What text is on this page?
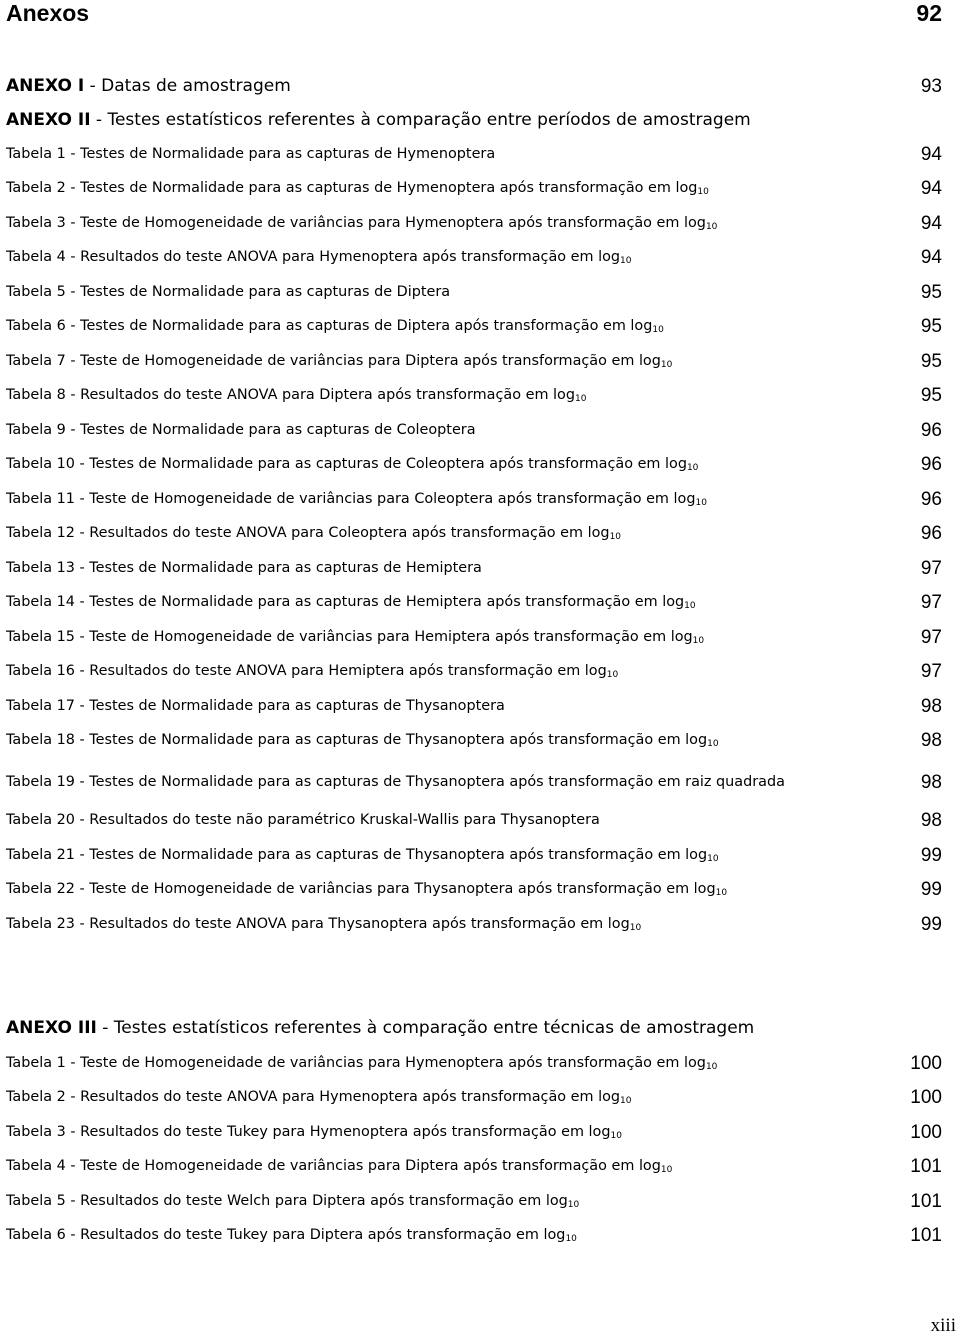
Anexos	92
ANEXO I - Datas de amostragem	93
ANEXO II - Testes estatísticos referentes à comparação entre períodos de amostragem
Tabela 1 - Testes de Normalidade para as capturas de Hymenoptera	94
Tabela 2 - Testes de Normalidade para as capturas de Hymenoptera após transformação em $\log_{10}$	94
Tabela 3 - Teste de Homogeneidade de variâncias para Hymenoptera após transformação em $\log_{10}$	94
Tabela 4 - Resultados do teste ANOVA para Hymenoptera após transformação em $\log_{10}$	94
Tabela 5 - Testes de Normalidade para as capturas de Diptera	95
Tabela 6 - Testes de Normalidade para as capturas de Diptera após transformação em $\log_{10}$	95
Tabela 7 - Teste de Homogeneidade de variâncias para Diptera após transformação em $\log_{10}$	95
Tabela 8 - Resultados do teste ANOVA para Diptera após transformação em $\log_{10}$	95
Tabela 9 - Testes de Normalidade para as capturas de Coleoptera	96
Tabela 10 - Testes de Normalidade para as capturas de Coleoptera após transformação em $\log_{10}$	96
Tabela 11 - Teste de Homogeneidade de variâncias para Coleoptera após transformação em $\log_{10}$	96
Tabela 12 - Resultados do teste ANOVA para Coleoptera após transformação em $\log_{10}$	96
Tabela 13 - Testes de Normalidade para as capturas de Hemiptera	97
Tabela 14 - Testes de Normalidade para as capturas de Hemiptera após transformação em $\log_{10}$	97
Tabela 15 - Teste de Homogeneidade de variâncias para Hemiptera após transformação em $\log_{10}$	97
Tabela 16 - Resultados do teste ANOVA para Hemiptera após transformação em $\log_{10}$	97
Tabela 17 - Testes de Normalidade para as capturas de Thysanoptera	98
Tabela 18 - Testes de Normalidade para as capturas de Thysanoptera após transformação em $\log_{10}$	98
Tabela 19 - Testes de Normalidade para as capturas de Thysanoptera após transformação em raiz quadrada	98
Tabela 20 - Resultados do teste não paramétrico Kruskal-Wallis para Thysanoptera	98
Tabela 21 - Testes de Normalidade para as capturas de Thysanoptera após transformação em $\log_{10}$	99
Tabela 22 - Teste de Homogeneidade de variâncias para Thysanoptera após transformação em $\log_{10}$	99
Tabela 23 - Resultados do teste ANOVA para Thysanoptera após transformação em $\log_{10}$	99
ANEXO III - Testes estatísticos referentes à comparação entre técnicas de amostragem
Tabela 1 - Teste de Homogeneidade de variâncias para Hymenoptera após transformação em $\log_{10}$	100
Tabela 2 - Resultados do teste ANOVA para Hymenoptera após transformação em $\log_{10}$	100
Tabela 3 - Resultados do teste Tukey para Hymenoptera após transformação em $\log_{10}$	100
Tabela 4 - Teste de Homogeneidade de variâncias para Diptera após transformação em $\log_{10}$	101
Tabela 5 - Resultados do teste Welch para Diptera após transformação em $\log_{10}$	101
Tabela 6 - Resultados do teste Tukey para Diptera após transformação em $\log_{10}$	101
xiii
